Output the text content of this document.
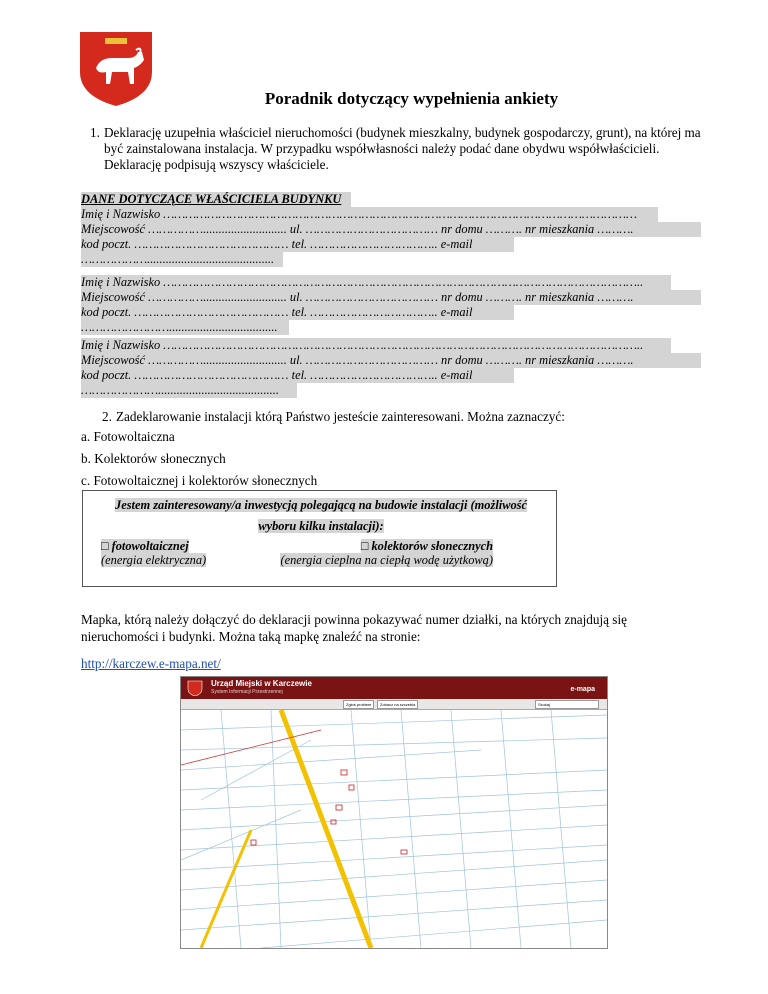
Poradnik dotyczący wypełnienia ankiety
1. Deklarację uzupełnia właściciel nieruchomości (budynek mieszkalny, budynek gospodarczy, grunt), na której ma być zainstalowana instalacja. W przypadku współwłasności należy podać dane obydwu współwłaścicieli. Deklarację podpisują wszyscy właściciele.
DANE DOTYCZĄCE WŁAŚCICIELA BUDYNKU
Imię i Nazwisko …………………………………………………………………………………………………………………
Miejscowość ……………........................... ul. ……………………………… nr domu ………. nr mieszkania ……….
kod poczt. …………………………………… tel. …………………………….. e-mail
……………….........................................
Imię i Nazwisko …………………………………………………………………………………………………………………..
Miejscowość ……………........................... ul. ……………………………… nr domu ………. nr mieszkania ……….
kod poczt. …………………………………… tel. …………………………….. e-mail
……………………...................................
Imię i Nazwisko …………………………………………………………………………………………………………………..
Miejscowość ……………........................... ul. ……………………………… nr domu ………. nr mieszkania ……….
kod poczt. …………………………………… tel. …………………………….. e-mail
………………….......................................
2. Zadeklarowanie instalacji którą Państwo jesteście zainteresowani. Można zaznaczyć:
a. Fotowoltaiczna
b. Kolektorów słonecznych
c. Fotowoltaicznej i kolektorów słonecznych
Jestem zainteresowany/a inwestycją polegającą na budowie instalacji (możliwość
wyboru kilku instalacji):
□ fotowoltaicznej
(energia elektryczna)
□ kolektorów słonecznych
(energia cieplna na ciepłą wodę użytkową)
Mapka, którą należy dołączyć do deklaracji powinna pokazywać numer działki, na których znajdują się nieruchomości i budynki. Można taką mapkę znaleźć na stronie:
http://karczew.e-mapa.net/
Urząd Miejski w Karczewie
System Informacji Przestrzennej	e-mapa
Zgłoś problem	Zobacz na szczebla	Szukaj
